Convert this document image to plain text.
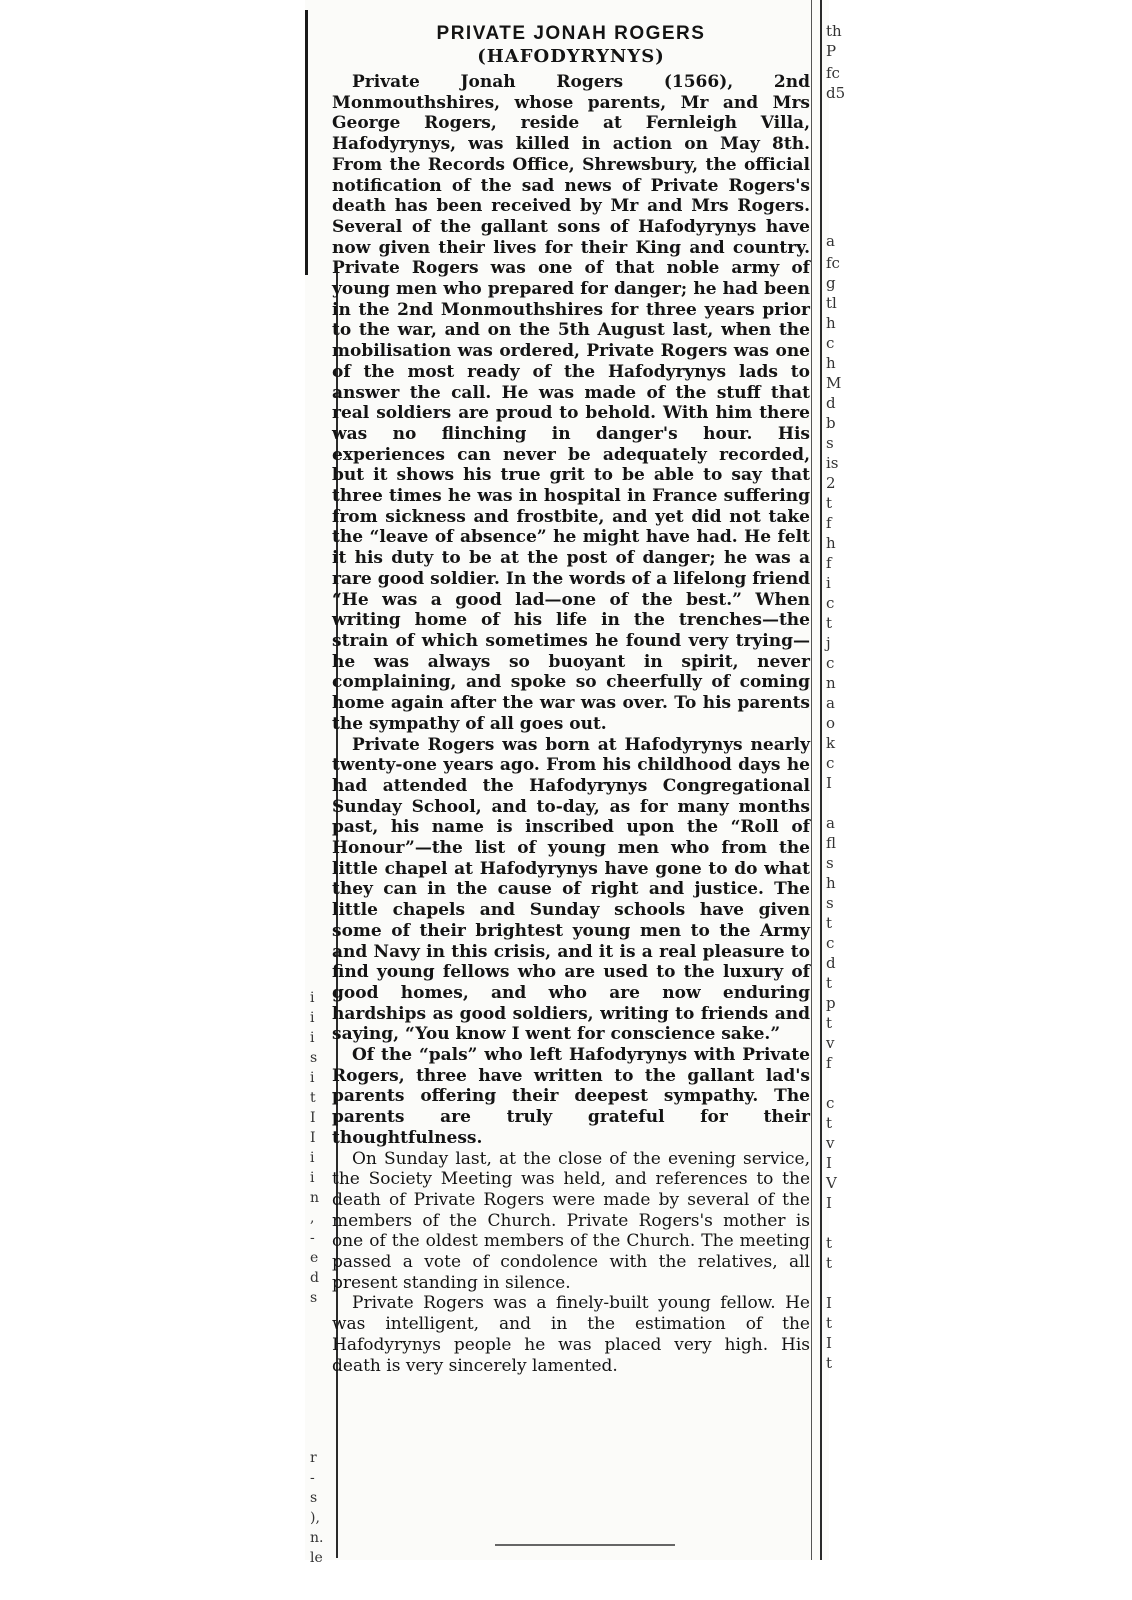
PRIVATE JONAH ROGERS
(HAFODYRYNYS)

Private Jonah Rogers (1566), 2nd Monmouthshires, whose parents, Mr and Mrs George Rogers, reside at Fernleigh Villa, Hafodyrynys, was killed in action on May 8th. From the Records Office, Shrewsbury, the official notification of the sad news of Private Rogers's death has been received by Mr and Mrs Rogers. Several of the gallant sons of Hafodyrynys have now given their lives for their King and country. Private Rogers was one of that noble army of young men who prepared for danger; he had been in the 2nd Monmouthshires for three years prior to the war, and on the 5th August last, when the mobilisation was ordered, Private Rogers was one of the most ready of the Hafodyrynys lads to answer the call. He was made of the stuff that real soldiers are proud to behold. With him there was no flinching in danger's hour. His experiences can never be adequately recorded, but it shows his true grit to be able to say that three times he was in hospital in France suffering from sickness and frostbite, and yet did not take the “leave of absence” he might have had. He felt it his duty to be at the post of danger; he was a rare good soldier. In the words of a lifelong friend “He was a good lad—one of the best.” When writing home of his life in the trenches—the strain of which sometimes he found very trying—he was always so buoyant in spirit, never complaining, and spoke so cheerfully of coming home again after the war was over. To his parents the sympathy of all goes out.

Private Rogers was born at Hafodyrynys nearly twenty-one years ago. From his childhood days he had attended the Hafodyrynys Congregational Sunday School, and to-day, as for many months past, his name is inscribed upon the “Roll of Honour”—the list of young men who from the little chapel at Hafodyrynys have gone to do what they can in the cause of right and justice. The little chapels and Sunday schools have given some of their brightest young men to the Army and Navy in this crisis, and it is a real pleasure to find young fellows who are used to the luxury of good homes, and who are now enduring hardships as good soldiers, writing to friends and saying, “You know I went for conscience sake.”

Of the “pals” who left Hafodyrynys with Private Rogers, three have written to the gallant lad's parents offering their deepest sympathy. The parents are truly grateful for their thoughtfulness.

On Sunday last, at the close of the evening service, the Society Meeting was held, and references to the death of Private Rogers were made by several of the members of the Church. Private Rogers's mother is one of the oldest members of the Church. The meeting passed a vote of condolence with the relatives, all present standing in silence.

Private Rogers was a finely-built young fellow. He was intelligent, and in the estimation of the Hafodyrynys people he was placed very high. His death is very sincerely lamented.

th
P
fc
d5
a
fc
g
tl
h
c
h
M
d
b
s
is
2
t
f
h
f
i
c
t
j
c
n
a
o
k
c
I
a
fl
s
h
s
t
c
d
t
p
t
v
f
c
t
v
I
V
I
t
t
I
t
I
t
i
i
i
s
i
t
I
I
i
i
n
,
-
e
d
s
r
-
s
),
n.
le
